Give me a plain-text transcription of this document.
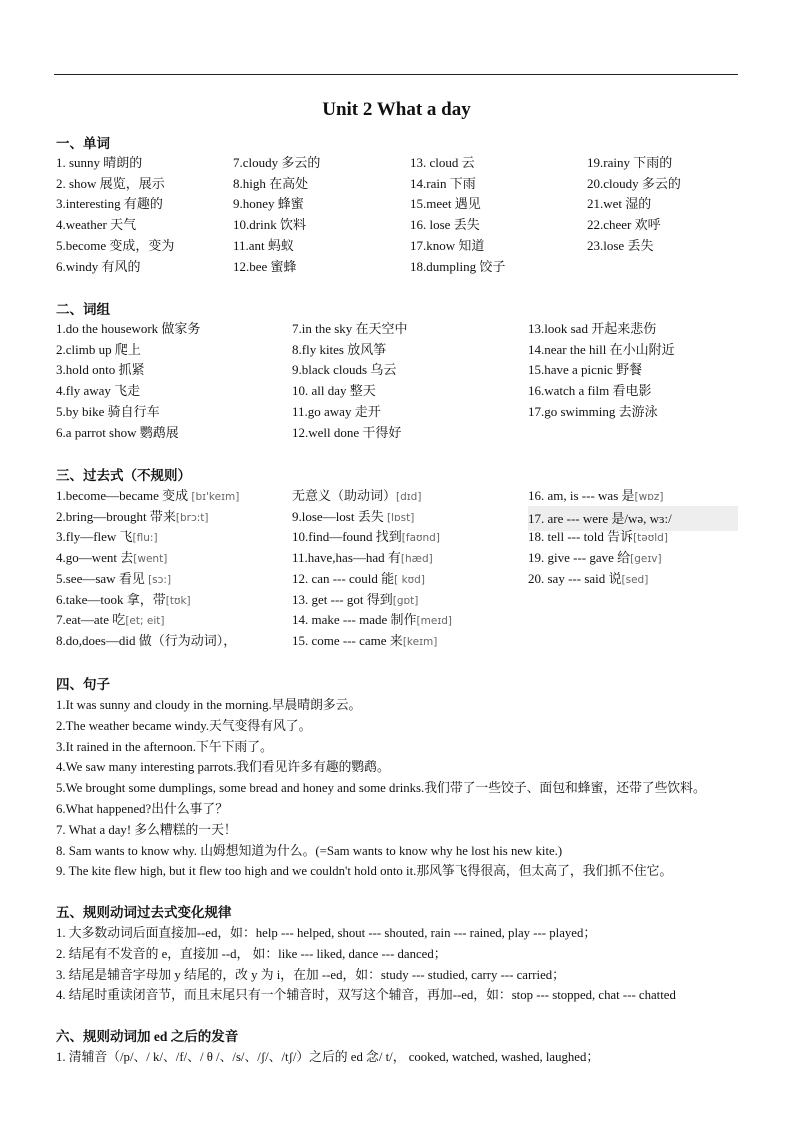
Unit 2 What a day
一、单词
1. sunny 晴朗的	7.cloudy 多云的	13. cloud 云	19.rainy 下雨的
2. show 展览，展示	8.high 在高处	14.rain 下雨	20.cloudy 多云的
3.interesting 有趣的	9.honey 蜂蜜	15.meet 遇见	21.wet 湿的
4.weather 天气	10.drink 饮料	16. lose 丢失	22.cheer 欢呼
5.become 变成，变为	11.ant 蚂蚁	17.know 知道	23.lose 丢失
6.windy 有风的	12.bee 蜜蜂	18.dumpling 饺子
二、词组
1.do the housework 做家务	7.in the sky 在天空中	13.look sad 开起来悲伤
2.climb up 爬上	8.fly kites 放风筝	14.near the hill 在小山附近
3.hold onto 抓紧	9.black clouds 乌云	15.have a picnic 野餐
4.fly away 飞走	10. all day 整天	16.watch a film 看电影
5.by bike 骑自行车	11.go away 走开	17.go swimming 去游泳
6.a parrot show 鹦鹉展	12.well done 干得好
三、过去式（不规则）
1.become—became 变成 [bɪ'keɪm]	无意义（助动词）[dɪd]	16. am, is --- was 是[wɒz]
2.bring—brought 带来[brɔ:t]	9.lose—lost 丢失 [lɒst]	17. are --- were 是/wə, wɜ:/
3.fly—flew 飞[flu:]	10.find—found 找到[faʊnd]	18. tell --- told 告诉[təʊld]
4.go—went 去[went]	11.have,has—had 有[hæd]	19. give --- gave 给[geɪv]
5.see—saw 看见 [sɔ:]	12. can --- could 能[ kʊd]	20. say --- said 说[sed]
6.take—took 拿，带[tʊk]	13. get --- got 得到[gɒt]
7.eat—ate 吃[et; eit]	14. make --- made 制作[meɪd]
8.do,does—did 做（行为动词），	15. come --- came 来[keɪm]
四、句子
1.It was sunny and cloudy in the morning.早晨晴朗多云。
2.The weather became windy.天气变得有风了。
3.It rained in the afternoon.下午下雨了。
4.We saw many interesting parrots.我们看见许多有趣的鹦鹉。
5.We brought some dumplings, some bread and honey and some drinks.我们带了一些饺子、面包和蜂蜜，还带了些饮料。
6.What happened?出什么事了？
7. What a day! 多么糟糕的一天！
8. Sam wants to know why. 山姆想知道为什么。(=Sam wants to know why he lost his new kite.)
9. The kite flew high, but it flew too high and we couldn't hold onto it.那风筝飞得很高，但太高了，我们抓不住它。
五、规则动词过去式变化规律
1. 大多数动词后面直接加--ed，如：help --- helped, shout --- shouted, rain --- rained, play --- played；
2. 结尾有不发音的 e，直接加 --d， 如：like --- liked, dance --- danced；
3. 结尾是辅音字母加 y 结尾的，改 y 为 i，在加 --ed，如：study --- studied, carry --- carried；
4. 结尾时重读闭音节，而且末尾只有一个辅音时，双写这个辅音，再加--ed，如：stop --- stopped, chat --- chatted
六、规则动词加 ed 之后的发音
1. 清辅音（/p/、/ k/、/f/、/ θ /、/s/、/ʃ/、/tʃ/）之后的 ed 念/ t/， cooked, watched, washed, laughed；
